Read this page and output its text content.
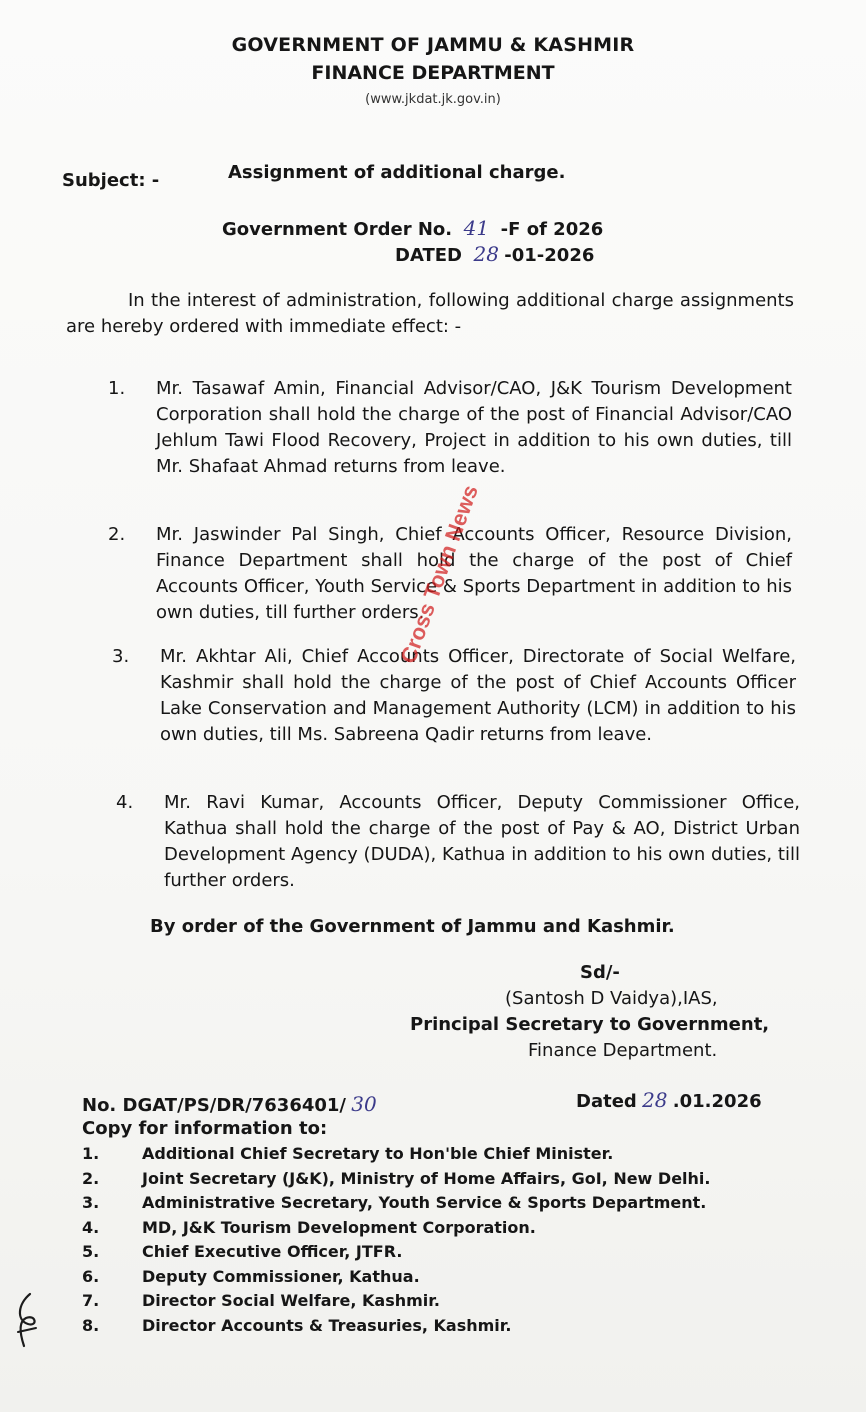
GOVERNMENT OF JAMMU & KASHMIR
FINANCE DEPARTMENT
(www.jkdat.jk.gov.in)
Subject: -	Assignment of additional charge.
Government Order No. 41 -F of 2026
DATED 28 -01-2026
In the interest of administration, following additional charge assignments are hereby ordered with immediate effect: -
1.	Mr. Tasawaf Amin, Financial Advisor/CAO, J&K Tourism Development Corporation shall hold the charge of the post of Financial Advisor/CAO Jehlum Tawi Flood Recovery, Project in addition to his own duties, till Mr. Shafaat Ahmad returns from leave.
2.	Mr. Jaswinder Pal Singh, Chief Accounts Officer, Resource Division, Finance Department shall hold the charge of the post of Chief Accounts Officer, Youth Service & Sports Department in addition to his own duties, till further orders.
3.	Mr. Akhtar Ali, Chief Accounts Officer, Directorate of Social Welfare, Kashmir shall hold the charge of the post of Chief Accounts Officer Lake Conservation and Management Authority (LCM) in addition to his own duties, till Ms. Sabreena Qadir returns from leave.
4.	Mr. Ravi Kumar, Accounts Officer, Deputy Commissioner Office, Kathua shall hold the charge of the post of Pay & AO, District Urban Development Agency (DUDA), Kathua in addition to his own duties, till further orders.
By order of the Government of Jammu and Kashmir.
Sd/-
(Santosh D Vaidya),IAS,
Principal Secretary to Government,
Finance Department.
No. DGAT/PS/DR/7636401/ 30	Dated 28 .01.2026
Copy for information to:
1.	Additional Chief Secretary to Hon'ble Chief Minister.
2.	Joint Secretary (J&K), Ministry of Home Affairs, GoI, New Delhi.
3.	Administrative Secretary, Youth Service & Sports Department.
4.	MD, J&K Tourism Development Corporation.
5.	Chief Executive Officer, JTFR.
6.	Deputy Commissioner, Kathua.
7.	Director Social Welfare, Kashmir.
8.	Director Accounts & Treasuries, Kashmir.
Cross Town News
